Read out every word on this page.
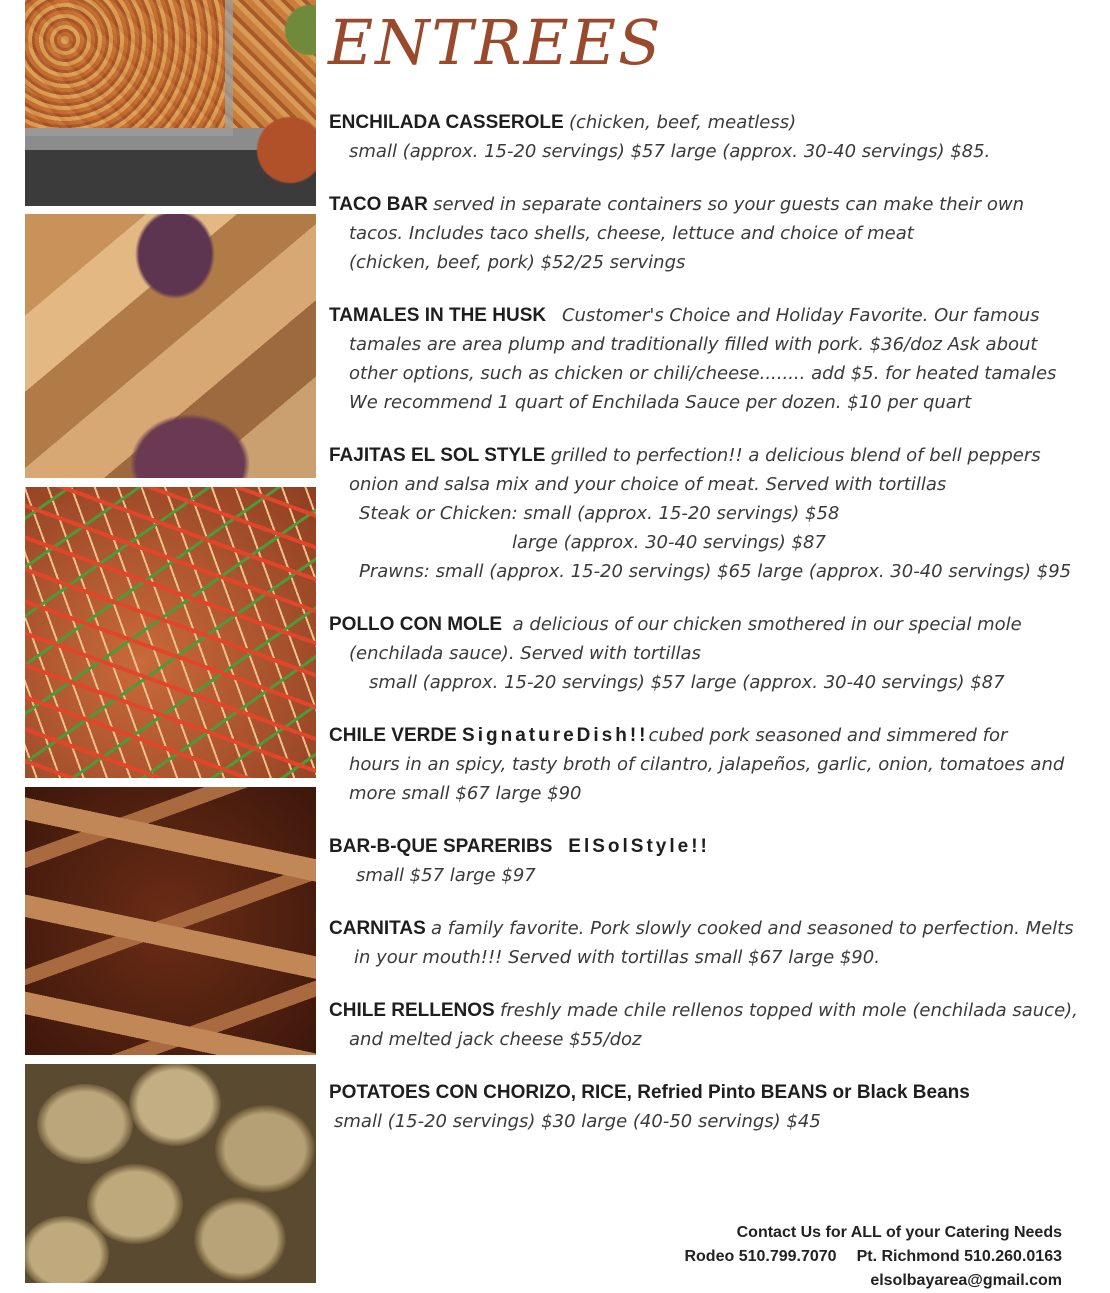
ENTREES
ENCHILADA CASSEROLE (chicken, beef, meatless)
small (approx. 15-20 servings) $57 large (approx. 30-40 servings) $85.
TACO BAR served in separate containers so your guests can make their own
tacos. Includes taco shells, cheese, lettuce and choice of meat
(chicken, beef, pork) $52/25 servings
TAMALES IN THE HUSK Customer's Choice and Holiday Favorite. Our famous
tamales are area plump and traditionally filled with pork. $36/doz Ask about
other options, such as chicken or chili/cheese........ add $5. for heated tamales
We recommend 1 quart of Enchilada Sauce per dozen. $10 per quart
FAJITAS EL SOL STYLE grilled to perfection!! a delicious blend of bell peppers
onion and salsa mix and your choice of meat. Served with tortillas
Steak or Chicken: small (approx. 15-20 servings) $58
large (approx. 30-40 servings) $87
Prawns: small (approx. 15-20 servings) $65 large (approx. 30-40 servings) $95
POLLO CON MOLE a delicious of our chicken smothered in our special mole
(enchilada sauce). Served with tortillas
small (approx. 15-20 servings) $57 large (approx. 30-40 servings) $87
CHILE VERDE SignatureDish!!cubed pork seasoned and simmered for
hours in an spicy, tasty broth of cilantro, jalapeños, garlic, onion, tomatoes and
more small $67 large $90
BAR-B-QUE SPARERIBS ElSolStyle!!
small $57 large $97
CARNITAS a family favorite. Pork slowly cooked and seasoned to perfection. Melts
in your mouth!!! Served with tortillas small $67 large $90.
CHILE RELLENOS freshly made chile rellenos topped with mole (enchilada sauce),
and melted jack cheese $55/doz
POTATOES CON CHORIZO, RICE, Refried Pinto BEANS or Black Beans
small (15-20 servings) $30 large (40-50 servings) $45
Contact Us for ALL of your Catering Needs
Rodeo 510.799.7070 Pt. Richmond 510.260.0163
elsolbayarea@gmail.com
